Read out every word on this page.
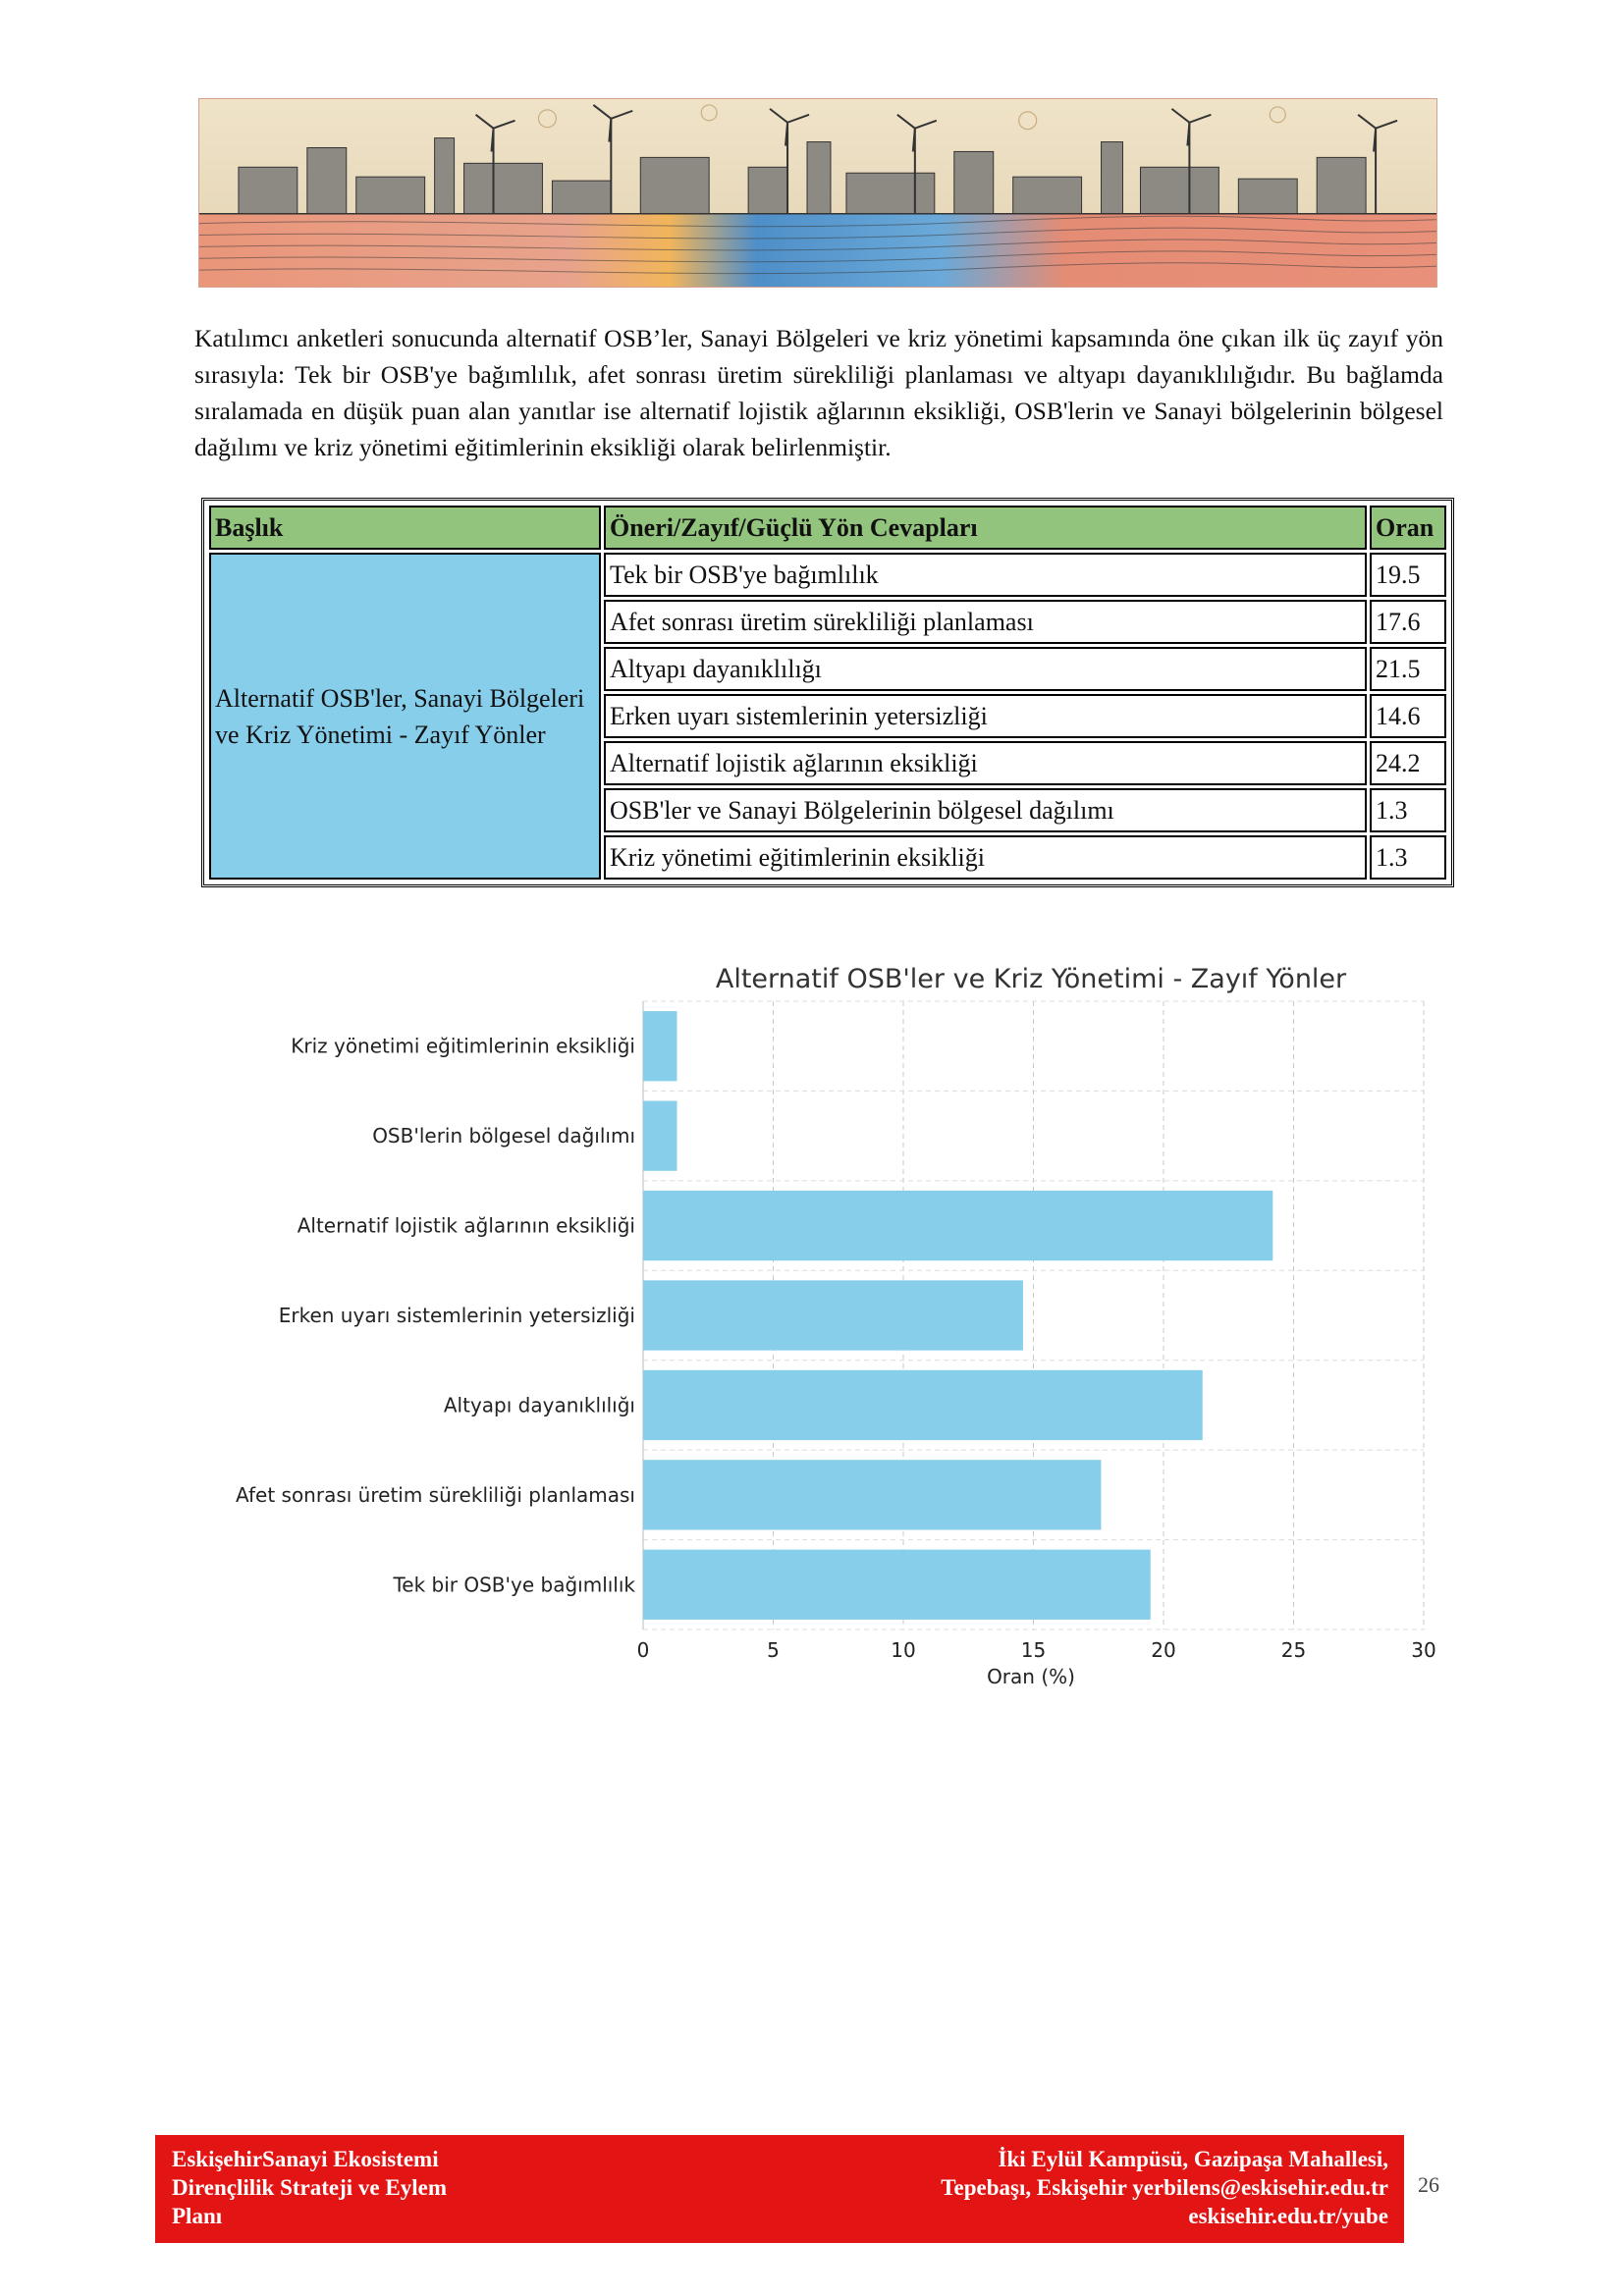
Katılımcı anketleri sonucunda alternatif OSB’ler, Sanayi Bölgeleri ve kriz yönetimi kapsamında öne çıkan ilk üç zayıf yön sırasıyla: Tek bir OSB'ye bağımlılık, afet sonrası üretim sürekliliği planlaması ve altyapı dayanıklılığıdır. Bu bağlamda sıralamada en düşük puan alan yanıtlar ise alternatif lojistik ağlarının eksikliği, OSB'lerin ve Sanayi bölgelerinin bölgesel dağılımı ve kriz yönetimi eğitimlerinin eksikliği olarak belirlenmiştir.

Başlık	Öneri/Zayıf/Güçlü Yön Cevapları	Oran
Alternatif OSB'ler, Sanayi Bölgeleri ve Kriz Yönetimi - Zayıf Yönler	Tek bir OSB'ye bağımlılık	19.5
	Afet sonrası üretim sürekliliği planlaması	17.6
	Altyapı dayanıklılığı	21.5
	Erken uyarı sistemlerinin yetersizliği	14.6
	Alternatif lojistik ağlarının eksikliği	24.2
	OSB'ler ve Sanayi Bölgelerinin bölgesel dağılımı	1.3
	Kriz yönetimi eğitimlerinin eksikliği	1.3
0	5	10	15	20	25	30
Tek bir OSB'ye bağımlılık
Afet sonrası üretim sürekliliği planlaması
Altyapı dayanıklılığı
Erken uyarı sistemlerinin yetersizliği
Alternatif lojistik ağlarının eksikliği
OSB'lerin bölgesel dağılımı
Kriz yönetimi eğitimlerinin eksikliği
Alternatif OSB'ler ve Kriz Yönetimi - Zayıf Yönler
Oran (%)
EskişehirSanayi Ekosistemi
Dirençlilik Strateji ve Eylem
Planı
İki Eylül Kampüsü, Gazipaşa Mahallesi,
Tepebaşı, Eskişehir yerbilens@eskisehir.edu.tr
eskisehir.edu.tr/yube
26
